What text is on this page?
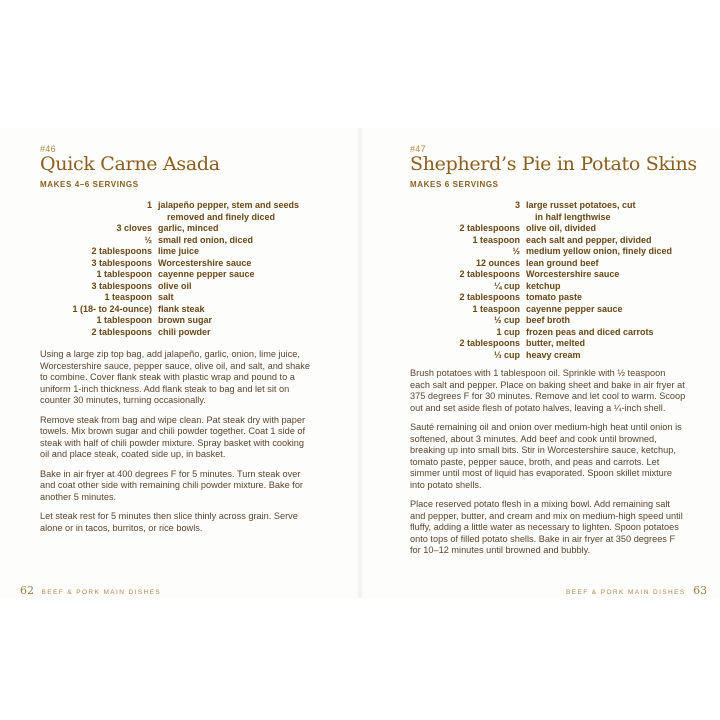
#46
Quick Carne Asada
MAKES 4–6 SERVINGS
1 jalapeño pepper, stem and seeds
removed and finely diced
3 cloves garlic, minced
½ small red onion, diced
2 tablespoons lime juice
3 tablespoons Worcestershire sauce
1 tablespoon cayenne pepper sauce
3 tablespoons olive oil
1 teaspoon salt
1 (18- to 24-ounce) flank steak
1 tablespoon brown sugar
2 tablespoons chili powder

Using a large zip top bag, add jalapeño, garlic, onion, lime juice, Worcestershire sauce, pepper sauce, olive oil, and salt, and shake to combine. Cover flank steak with plastic wrap and pound to a uniform 1-inch thickness. Add flank steak to bag and let sit on counter 30 minutes, turning occasionally.

Remove steak from bag and wipe clean. Pat steak dry with paper towels. Mix brown sugar and chili powder together. Coat 1 side of steak with half of chili powder mixture. Spray basket with cooking oil and place steak, coated side up, in basket.

Bake in air fryer at 400 degrees F for 5 minutes. Turn steak over and coat other side with remaining chili powder mixture. Bake for another 5 minutes.

Let steak rest for 5 minutes then slice thinly across grain. Serve alone or in tacos, burritos, or rice bowls.

62 BEEF & PORK MAIN DISHES
#47
Shepherd’s Pie in Potato Skins
MAKES 6 SERVINGS
3 large russet potatoes, cut
in half lengthwise
2 tablespoons olive oil, divided
1 teaspoon each salt and pepper, divided
½ medium yellow onion, finely diced
12 ounces lean ground beef
2 tablespoons Worcestershire sauce
¼ cup ketchup
2 tablespoons tomato paste
1 teaspoon cayenne pepper sauce
½ cup beef broth
1 cup frozen peas and diced carrots
2 tablespoons butter, melted
⅓ cup heavy cream

Brush potatoes with 1 tablespoon oil. Sprinkle with ½ teaspoon each salt and pepper. Place on baking sheet and bake in air fryer at 375 degrees F for 30 minutes. Remove and let cool to warm. Scoop out and set aside flesh of potato halves, leaving a ¼-inch shell.

Sauté remaining oil and onion over medium-high heat until onion is softened, about 3 minutes. Add beef and cook until browned, breaking up into small bits. Stir in Worcestershire sauce, ketchup, tomato paste, pepper sauce, broth, and peas and carrots. Let simmer until most of liquid has evaporated. Spoon skillet mixture into potato shells.

Place reserved potato flesh in a mixing bowl. Add remaining salt and pepper, butter, and cream and mix on medium-high speed until fluffy, adding a little water as necessary to lighten. Spoon potatoes onto tops of filled potato shells. Bake in air fryer at 350 degrees F for 10–12 minutes until browned and bubbly.

BEEF & PORK MAIN DISHES 63
